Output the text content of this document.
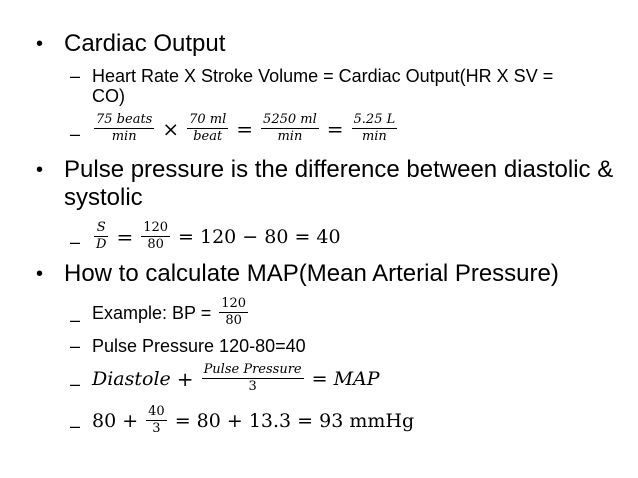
• Cardiac Output
– Heart Rate X Stroke Volume = Cardiac Output(HR X SV =
CO)
– $\frac{\text{75 beats}}{\min} \times \frac{70 ml}{\text{beat}} = \frac{5250 ml}{\min} = \frac{5.25 L}{\min}$
• Pulse pressure is the difference between diastolic &
systolic
– $\frac{S}{D} = \frac{120}{80} = 120 - 80 = 40$
• How to calculate MAP(Mean Arterial Pressure)
– Example: BP = $\frac{120}{80}$
– Pulse Pressure 120-80=40
– Diastole + $\frac{\text{Pulse Pressure}}{3}$ = MAP
– $80 + \frac{40}{3} = 80 + 13.3 = 93$ mmHg
